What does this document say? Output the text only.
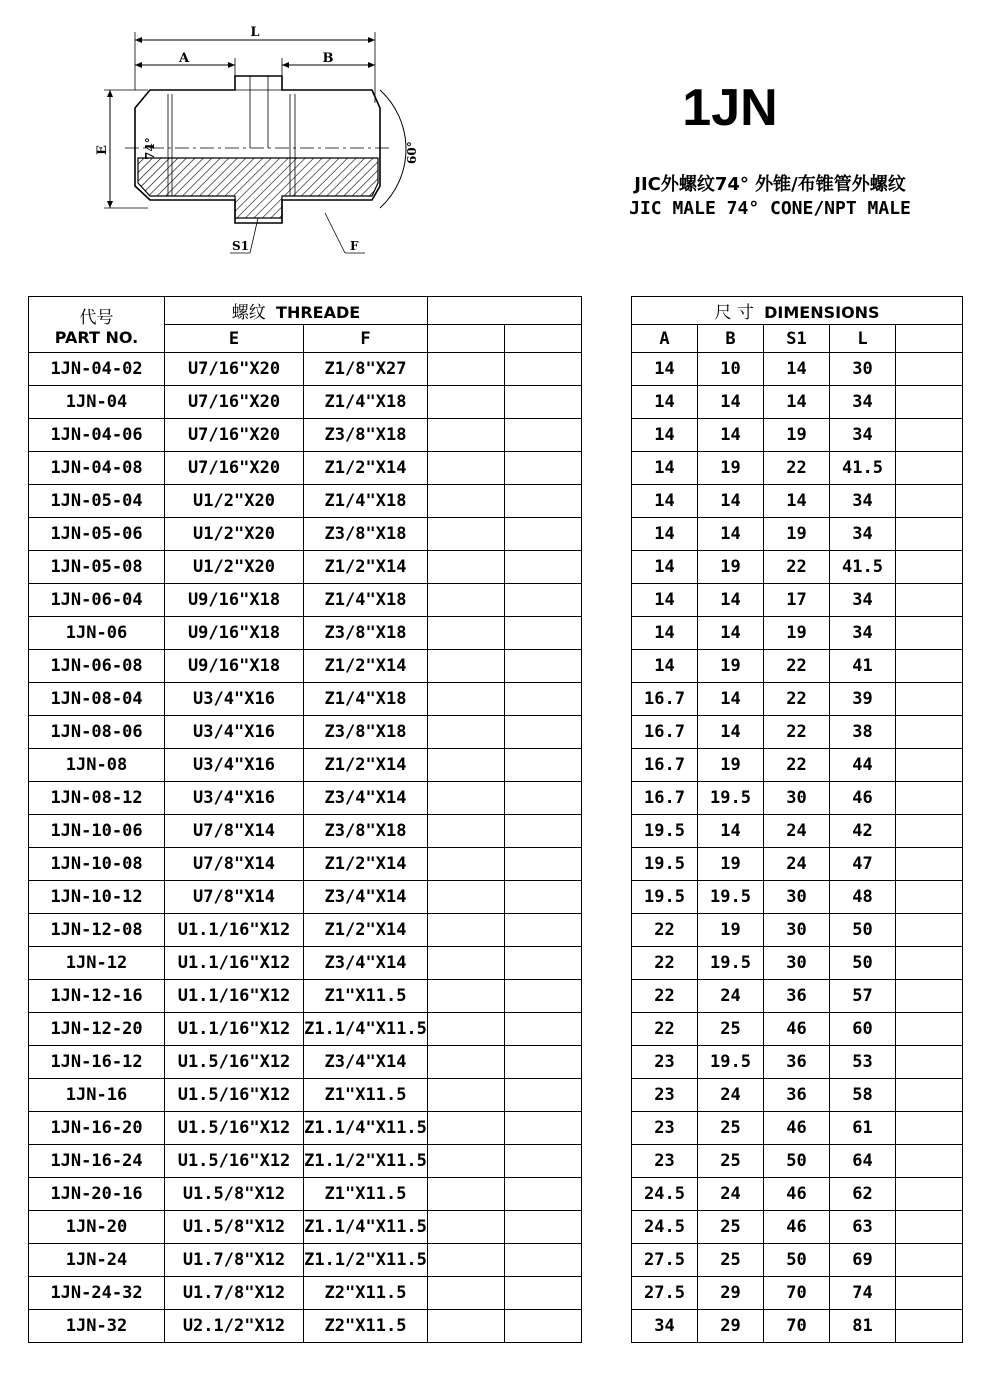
L
A	B
E	74°	60°
S1	F
1JN
JIC外螺纹74° 外锥/布锥管外螺纹
JIC MALE 74° CONE/NPT MALE
代号
PART NO.	螺纹 THREADE					尺 寸 DIMENSIONS				
	E	F				A	B	S1	L	
1JN-04-02	U7/16"X20	Z1/8"X27				14	10	14	30	
1JN-04	U7/16"X20	Z1/4"X18				14	14	14	34	
1JN-04-06	U7/16"X20	Z3/8"X18				14	14	19	34	
1JN-04-08	U7/16"X20	Z1/2"X14				14	19	22	41.5	
1JN-05-04	U1/2"X20	Z1/4"X18				14	14	14	34	
1JN-05-06	U1/2"X20	Z3/8"X18				14	14	19	34	
1JN-05-08	U1/2"X20	Z1/2"X14				14	19	22	41.5	
1JN-06-04	U9/16"X18	Z1/4"X18				14	14	17	34	
1JN-06	U9/16"X18	Z3/8"X18				14	14	19	34	
1JN-06-08	U9/16"X18	Z1/2"X14				14	19	22	41	
1JN-08-04	U3/4"X16	Z1/4"X18				16.7	14	22	39	
1JN-08-06	U3/4"X16	Z3/8"X18				16.7	14	22	38	
1JN-08	U3/4"X16	Z1/2"X14				16.7	19	22	44	
1JN-08-12	U3/4"X16	Z3/4"X14				16.7	19.5	30	46	
1JN-10-06	U7/8"X14	Z3/8"X18				19.5	14	24	42	
1JN-10-08	U7/8"X14	Z1/2"X14				19.5	19	24	47	
1JN-10-12	U7/8"X14	Z3/4"X14				19.5	19.5	30	48	
1JN-12-08	U1.1/16"X12	Z1/2"X14				22	19	30	50	
1JN-12	U1.1/16"X12	Z3/4"X14				22	19.5	30	50	
1JN-12-16	U1.1/16"X12	Z1"X11.5				22	24	36	57	
1JN-12-20	U1.1/16"X12	Z1.1/4"X11.5				22	25	46	60	
1JN-16-12	U1.5/16"X12	Z3/4"X14				23	19.5	36	53	
1JN-16	U1.5/16"X12	Z1"X11.5				23	24	36	58	
1JN-16-20	U1.5/16"X12	Z1.1/4"X11.5				23	25	46	61	
1JN-16-24	U1.5/16"X12	Z1.1/2"X11.5				23	25	50	64	
1JN-20-16	U1.5/8"X12	Z1"X11.5				24.5	24	46	62	
1JN-20	U1.5/8"X12	Z1.1/4"X11.5				24.5	25	46	63	
1JN-24	U1.7/8"X12	Z1.1/2"X11.5				27.5	25	50	69	
1JN-24-32	U1.7/8"X12	Z2"X11.5				27.5	29	70	74	
1JN-32	U2.1/2"X12	Z2"X11.5				34	29	70	81	
